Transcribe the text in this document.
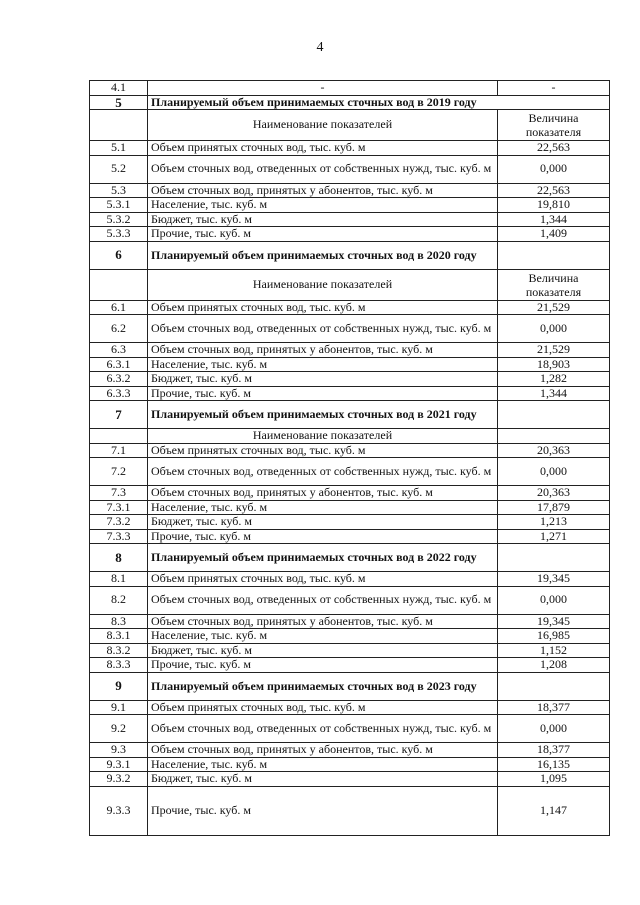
4
4.1	-	-
5	Планируемый объем принимаемых сточных вод в 2019 году	
	Наименование показателей	Величина показателя
5.1	Объем принятых сточных вод, тыс. куб. м	22,563
5.2	Объем сточных вод, отведенных от собственных нужд, тыс. куб. м	0,000
5.3	Объем сточных вод, принятых у абонентов, тыс. куб. м	22,563
5.3.1	Население, тыс. куб. м	19,810
5.3.2	Бюджет, тыс. куб. м	1,344
5.3.3	Прочие, тыс. куб. м	1,409
6	Планируемый объем принимаемых сточных вод в 2020 году	
	Наименование показателей	Величина показателя
6.1	Объем принятых сточных вод, тыс. куб. м	21,529
6.2	Объем сточных вод, отведенных от собственных нужд, тыс. куб. м	0,000
6.3	Объем сточных вод, принятых у абонентов, тыс. куб. м	21,529
6.3.1	Население, тыс. куб. м	18,903
6.3.2	Бюджет, тыс. куб. м	1,282
6.3.3	Прочие, тыс. куб. м	1,344
7	Планируемый объем принимаемых сточных вод в 2021 году	
	Наименование показателей	
7.1	Объем принятых сточных вод, тыс. куб. м	20,363
7.2	Объем сточных вод, отведенных от собственных нужд, тыс. куб. м	0,000
7.3	Объем сточных вод, принятых у абонентов, тыс. куб. м	20,363
7.3.1	Население, тыс. куб. м	17,879
7.3.2	Бюджет, тыс. куб. м	1,213
7.3.3	Прочие, тыс. куб. м	1,271
8	Планируемый объем принимаемых сточных вод в 2022 году	
8.1	Объем принятых сточных вод, тыс. куб. м	19,345
8.2	Объем сточных вод, отведенных от собственных нужд, тыс. куб. м	0,000
8.3	Объем сточных вод, принятых у абонентов, тыс. куб. м	19,345
8.3.1	Население, тыс. куб. м	16,985
8.3.2	Бюджет, тыс. куб. м	1,152
8.3.3	Прочие, тыс. куб. м	1,208
9	Планируемый объем принимаемых сточных вод в 2023 году	
9.1	Объем принятых сточных вод, тыс. куб. м	18,377
9.2	Объем сточных вод, отведенных от собственных нужд, тыс. куб. м	0,000
9.3	Объем сточных вод, принятых у абонентов, тыс. куб. м	18,377
9.3.1	Население, тыс. куб. м	16,135
9.3.2	Бюджет, тыс. куб. м	1,095
9.3.3	Прочие, тыс. куб. м	1,147
